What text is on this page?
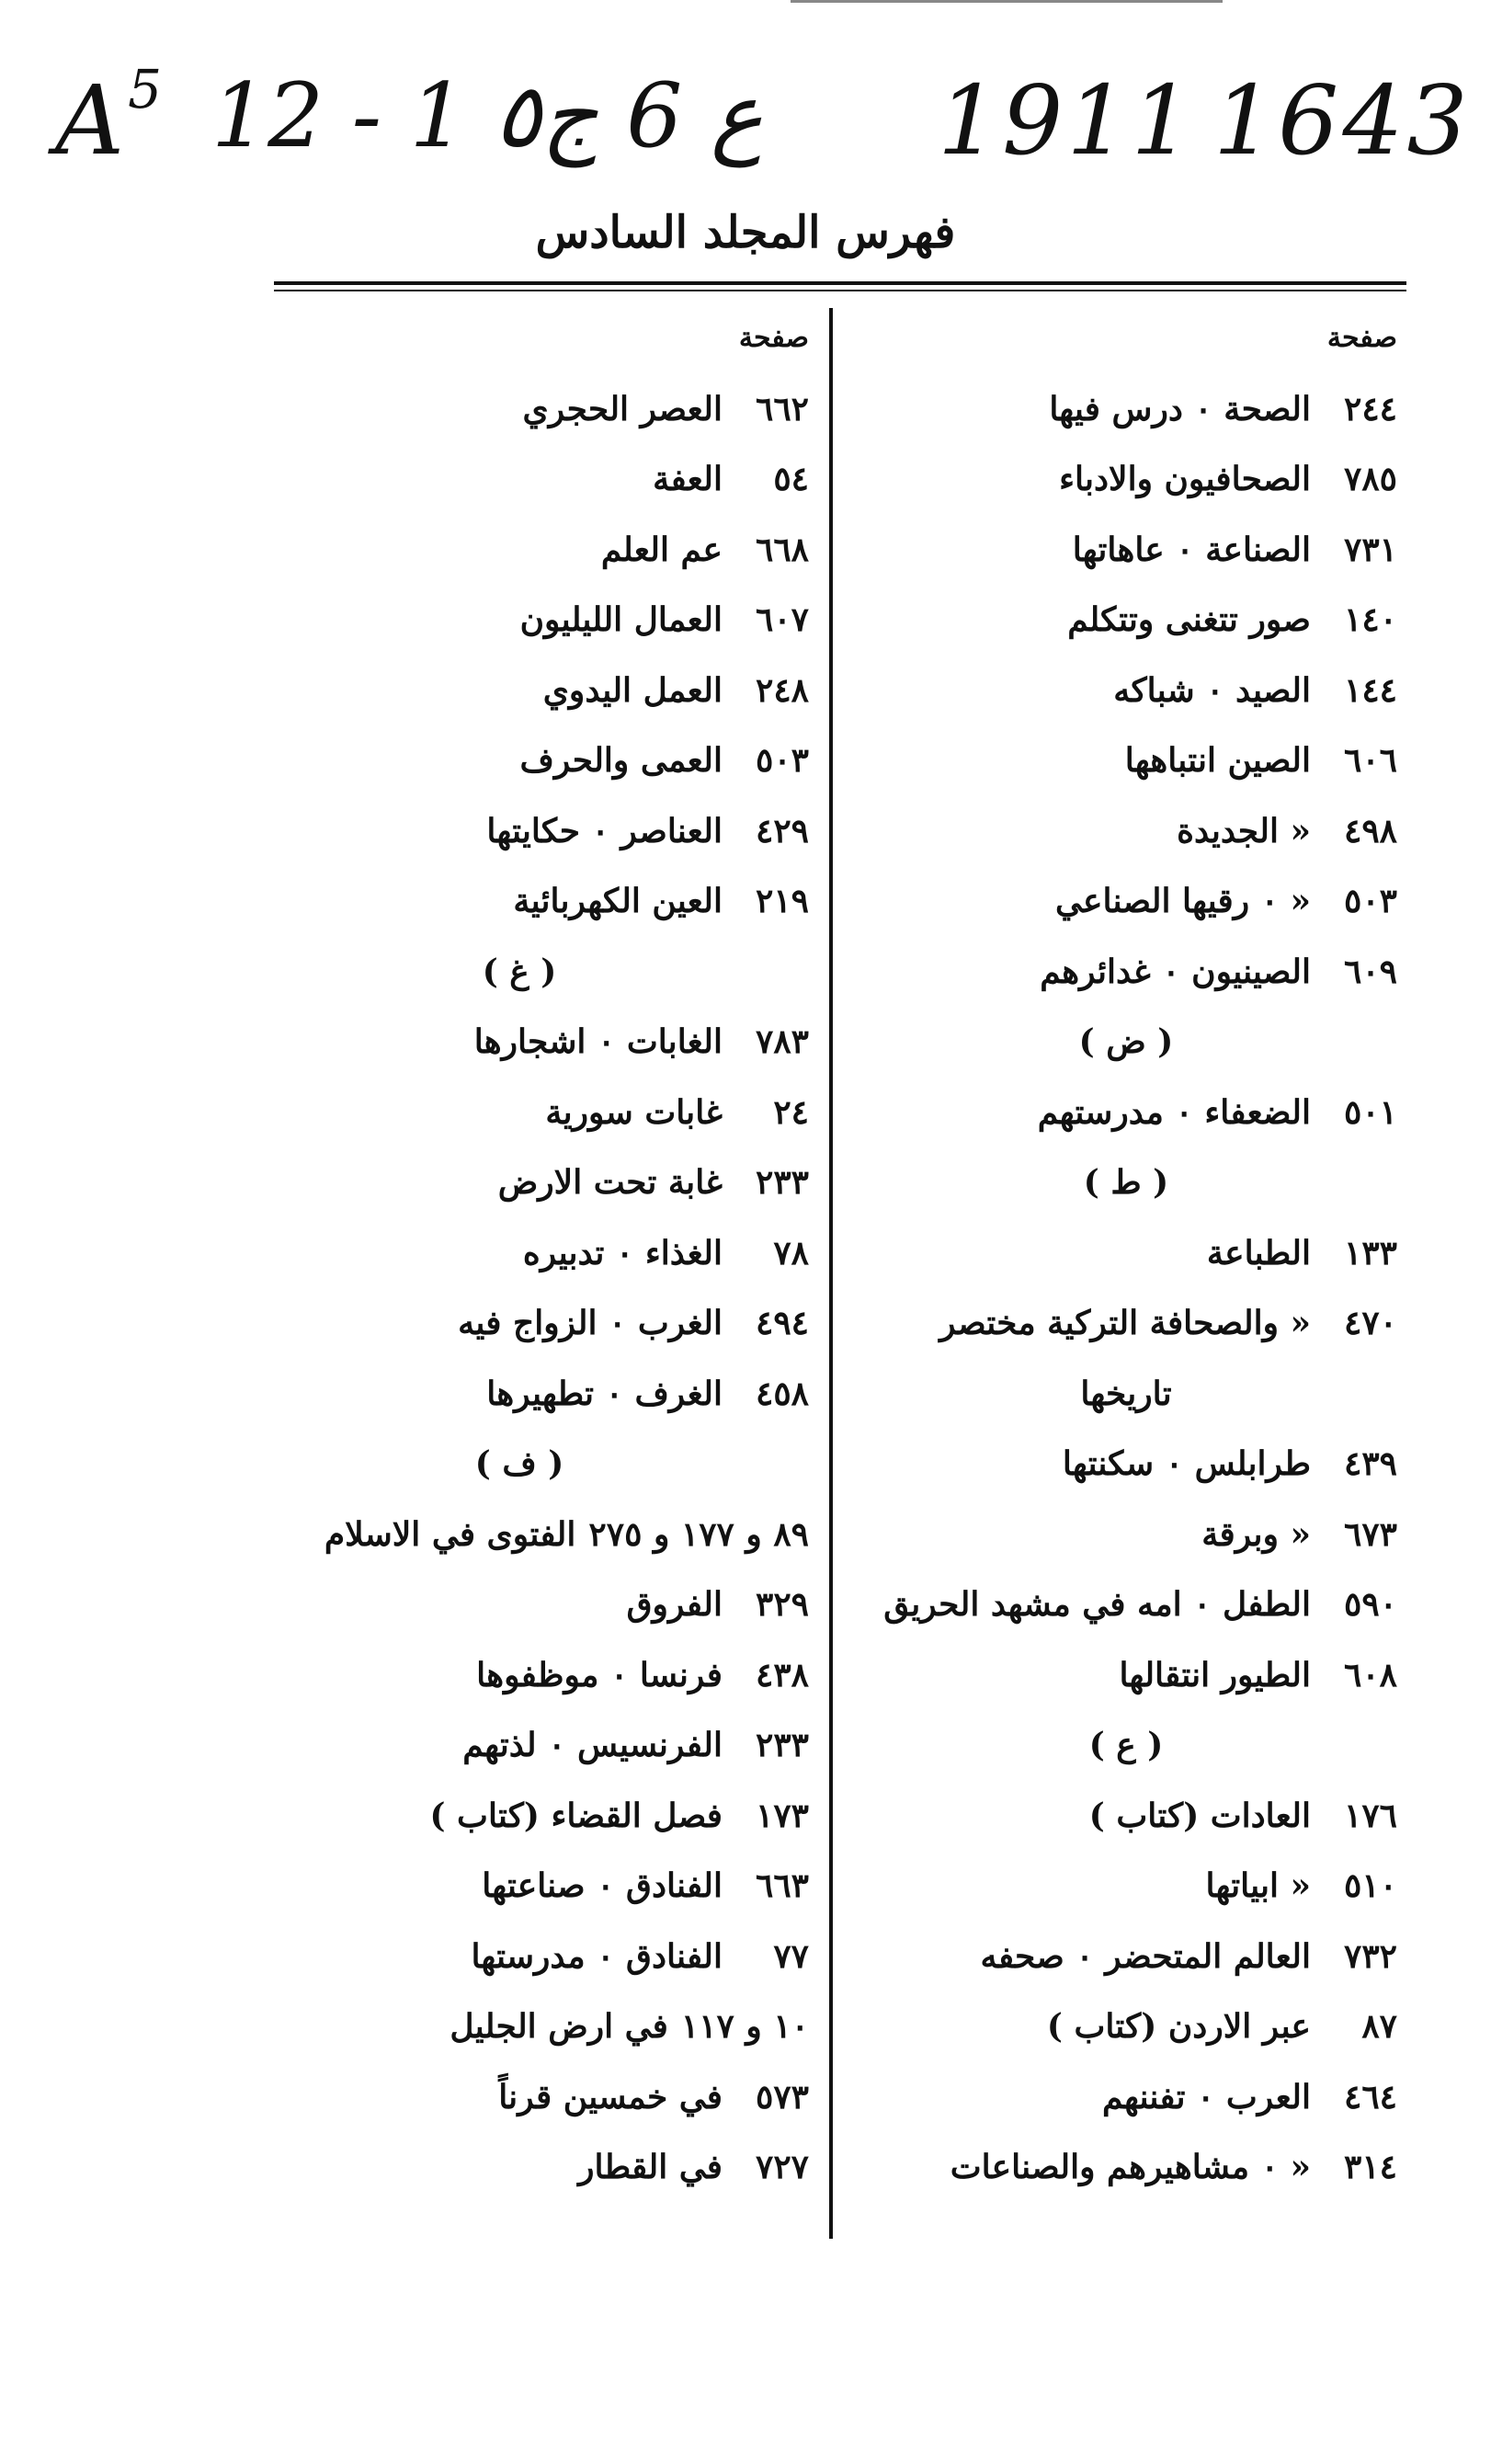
$A^5$ 12 - 1 ع 6 ج٥ 1911 1643
فهرس المجلد السادس
صفحة
٢٤٤
الصحة ٠ درس فيها
٧٨٥
الصحافيون والادباء
٧٣١
الصناعة ٠ عاهاتها
١٤٠
صور تتغنى وتتكلم
١٤٤
الصيد ٠ شباكه
٦٠٦
الصين انتباهها
٤٩٨
« الجديدة
٥٠٣
« ٠ رقيها الصناعي
٦٠٩
الصينيون ٠ غدائرهم
( ض )
٥٠١
الضعفاء ٠ مدرستهم
( ط )
١٣٣
الطباعة
٤٧٠
« والصحافة التركية مختصر
تاريخها
٤٣٩
طرابلس ٠ سكنتها
٦٧٣
« وبرقة
٥٩٠
الطفل ٠ امه في مشهد الحريق
٦٠٨
الطيور انتقالها
( ع )
١٧٦
العادات (كتاب )
٥١٠
« ابياتها
٧٣٢
العالم المتحضر ٠ صحفه
٨٧
عبر الاردن (كتاب )
٤٦٤
العرب ٠ تفننهم
٣١٤
« ٠ مشاهيرهم والصناعات
صفحة
٦٦٢
العصر الحجري
٥٤
العفة
٦٦٨
عم العلم
٦٠٧
العمال الليليون
٢٤٨
العمل اليدوي
٥٠٣
العمى والحرف
٤٢٩
العناصر ٠ حكايتها
٢١٩
العين الكهربائية
( غ )
٧٨٣
الغابات ٠ اشجارها
٢٤
غابات سورية
٢٣٣
غابة تحت الارض
٧٨
الغذاء ٠ تدبيره
٤٩٤
الغرب ٠ الزواج فيه
٤٥٨
الغرف ٠ تطهيرها
( ف )
٨٩ و ١٧٧ و ٢٧٥
الفتوى في الاسلام
٣٢٩
الفروق
٤٣٨
فرنسا ٠ موظفوها
٢٣٣
الفرنسيس ٠ لذتهم
١٧٣
فصل القضاء (كتاب )
٦٦٣
الفنادق ٠ صناعتها
٧٧
الفنادق ٠ مدرستها
١٠ و ١١٧
في ارض الجليل
٥٧٣
في خمسين قرناً
٧٢٧
في القطار
